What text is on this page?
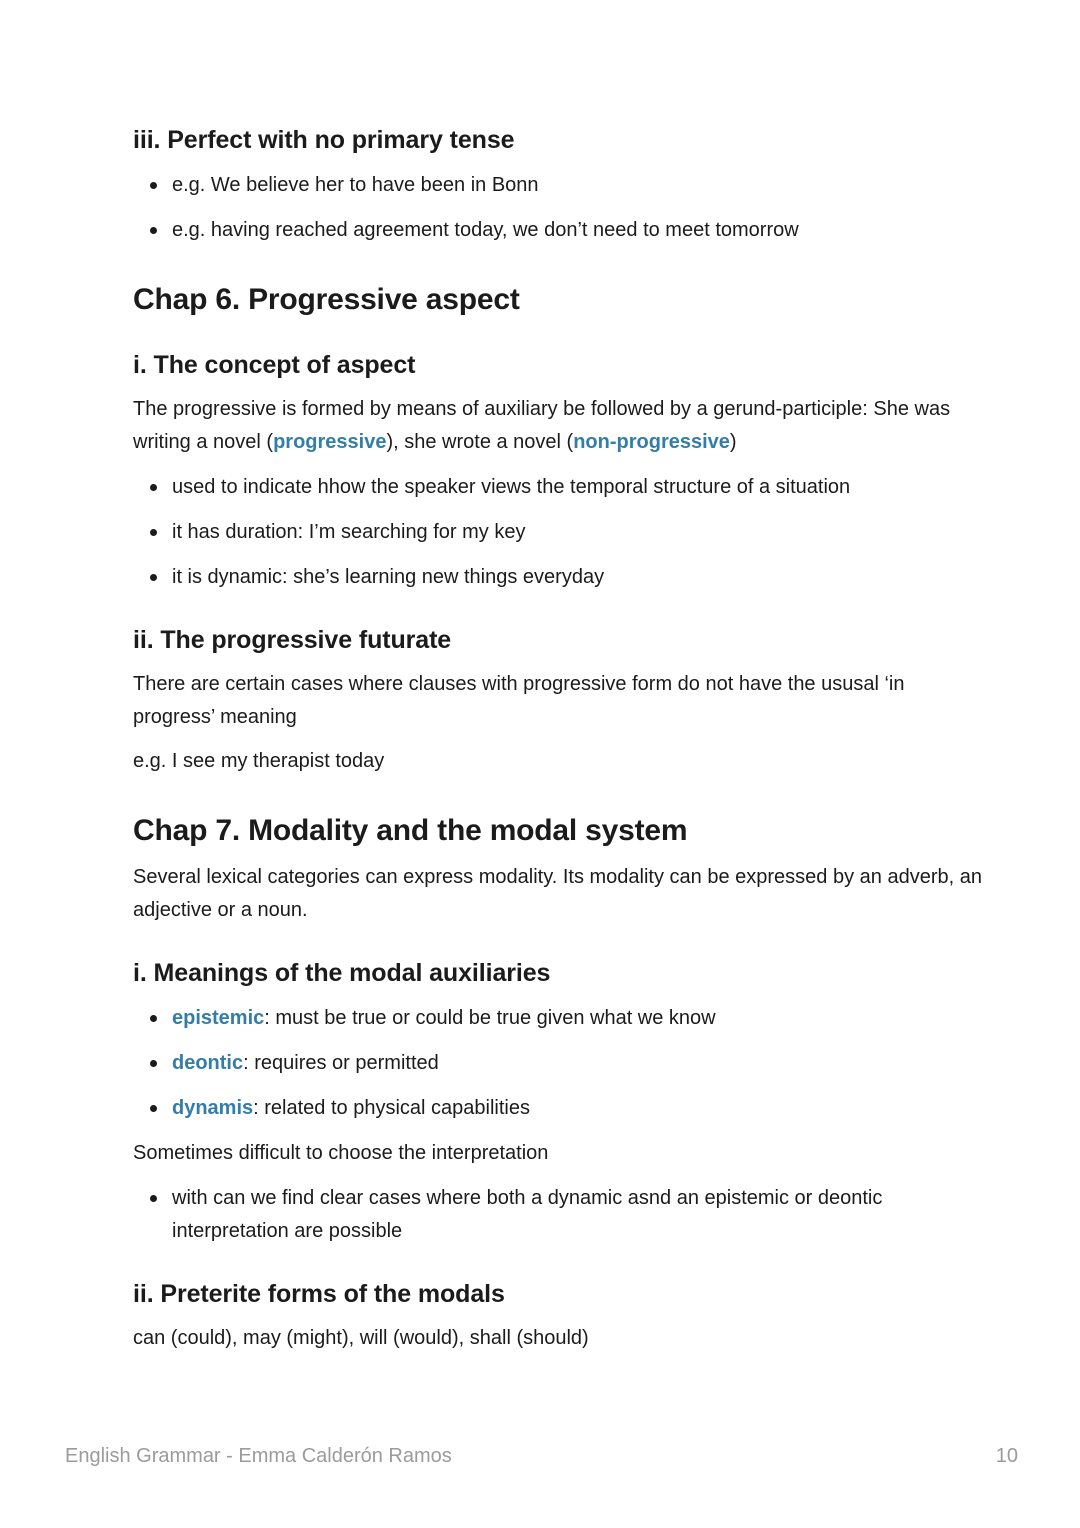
iii. Perfect with no primary tense
e.g. We believe her to have been in Bonn
e.g. having reached agreement today, we don’t need to meet tomorrow
Chap 6. Progressive aspect
i. The concept of aspect

The progressive is formed by means of auxiliary be followed by a gerund-participle: She was writing a novel (progressive), she wrote a novel (non-progressive)

used to indicate hhow the speaker views the temporal structure of a situation
it has duration: I’m searching for my key
it is dynamic: she’s learning new things everyday
ii. The progressive futurate

There are certain cases where clauses with progressive form do not have the ususal ‘in progress’ meaning

e.g. I see my therapist today

Chap 7. Modality and the modal system

Several lexical categories can express modality. Its modality can be expressed by an adverb, an adjective or a noun.

i. Meanings of the modal auxiliaries
epistemic: must be true or could be true given what we know
deontic: requires or permitted
dynamis: related to physical capabilities

Sometimes difficult to choose the interpretation

with can we find clear cases where both a dynamic asnd an epistemic or deontic interpretation are possible
ii. Preterite forms of the modals

can (could), may (might), will (would), shall (should)

English Grammar - Emma Calderón Ramos	10
